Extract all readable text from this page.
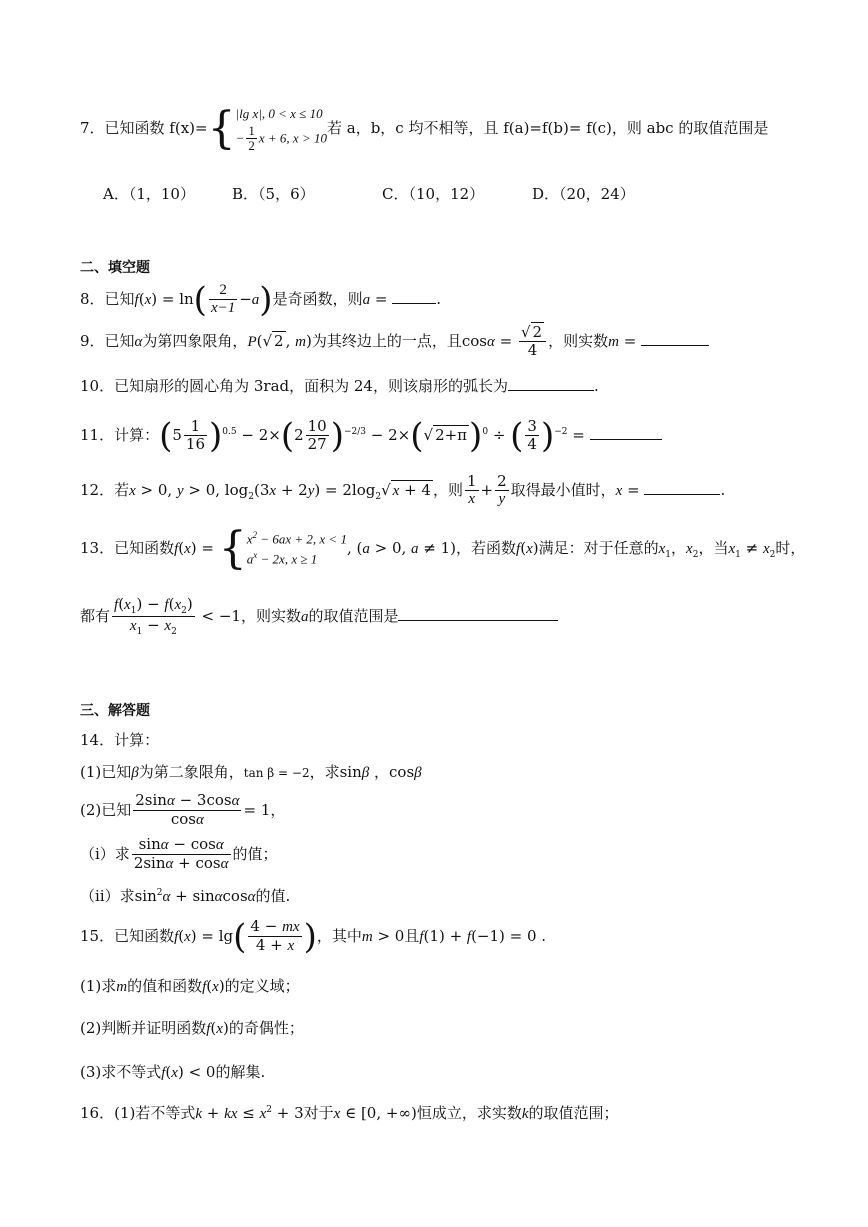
7．已知函数 f(x)={ |lg x|, 0 < x ≤ 10
− $\frac{1}{2}$ x + 6, x > 10
若 a，b，c 均不相等，且 f(a)=f(b)= f(c)，则 abc 的取值范围是
A．（1，10） B．（5，6）	C．（10，12）	D．（20，24）
二、填空题
8．已知$f(x) = \ln( \frac{2}{x-1} -a)$是奇函数，则a =	.
9．已知α为第四象限角，P(√ 2 , m)为其终边上的一点，且$\cos\alpha = \frac{√ 2}{4}$ ，则实数m =
10．已知扇形的圆心角为 3rad，面积为 24，则该扇形的弧长为	.
11．计算：$(5 \frac{1}{16} )^{0.5} - 2\times(2 \frac{10}{27} )^{-2/3} - 2\times(√$ 2+π)$^0$ ÷ ( $\frac{3}{4} )^{-2}$ =
12．若x > 0, y > 0, $\log_2(3x + 2y) = 2\log_2√$ x + 4 ，则 $\frac{1}{x} + \frac{2}{y}$ 取得最小值时，x =	.
13．已知函数f(x) = { $x^2 - 6ax + 2$, x < 1
$a^x - 2x$, x ≥ 1
, (a > 0, a ≠ 1)，若函数f(x)满足：对于任意的$x_1$，$x_2$，当$x_1 \ne x_2$时，
都有 $\frac{f(x_1) - f(x_2)}{x_1 - x_2} < -1$，则实数a的取值范围是
三、解答题
14．计算：
(1)已知β为第二象限角，tan β = −2，求sinβ ，cosβ
(2)已知 $\frac{2\sin\alpha - 3\cos\alpha}{\cos\alpha} = 1$，
（ⅰ）求 $\frac{\sin\alpha - \cos\alpha}{2\sin\alpha + \cos\alpha}$ 的值；
（ⅱ）求$\sin^2\alpha + \sin\alpha\cos\alpha$的值.
15．已知函数$f(x) = \lg( \frac{4 - mx}{4 + x}$ )，其中m > 0且f(1) + f(−1) = 0 .
(1)求m的值和函数f(x)的定义域；
(2)判断并证明函数f(x)的奇偶性；
(3)求不等式f(x) < 0的解集.
16．(1)若不等式k + kx ≤ $x^2 + 3$对于x ∈ [0, +∞)恒成立，求实数k的取值范围；
